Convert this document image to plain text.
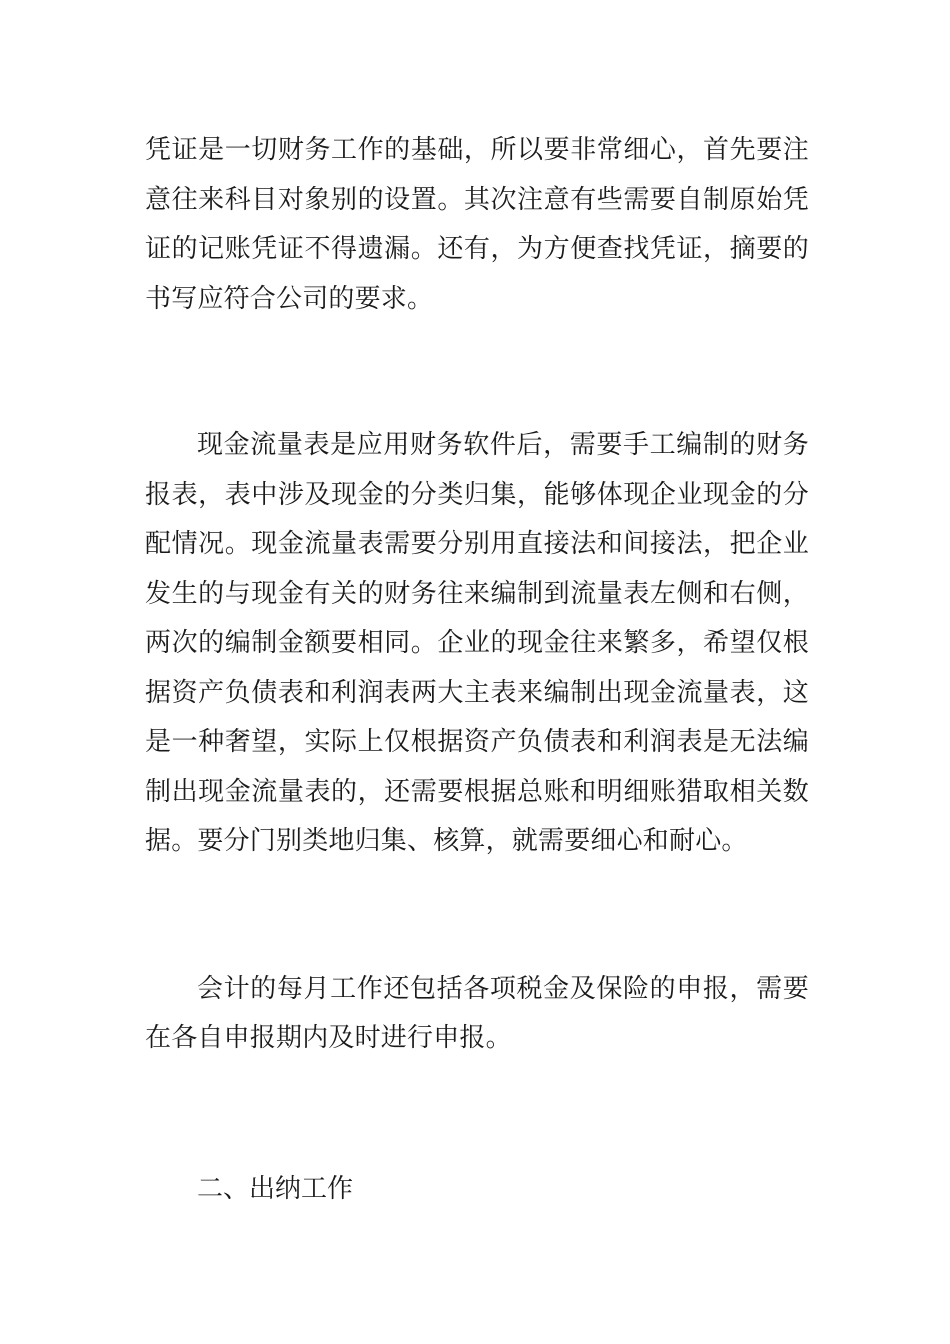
凭证是一切财务工作的基础，所以要非常细心，首先要注意往来科目对象别的设置。其次注意有些需要自制原始凭证的记账凭证不得遗漏。还有，为方便查找凭证，摘要的书写应符合公司的要求。

现金流量表是应用财务软件后，需要手工编制的财务报表，表中涉及现金的分类归集，能够体现企业现金的分配情况。现金流量表需要分别用直接法和间接法，把企业发生的与现金有关的财务往来编制到流量表左侧和右侧，两次的编制金额要相同。企业的现金往来繁多，希望仅根据资产负债表和利润表两大主表来编制出现金流量表，这是一种奢望，实际上仅根据资产负债表和利润表是无法编制出现金流量表的，还需要根据总账和明细账猎取相关数据。要分门别类地归集、核算，就需要细心和耐心。

会计的每月工作还包括各项税金及保险的申报，需要在各自申报期内及时进行申报。

二、出纳工作
